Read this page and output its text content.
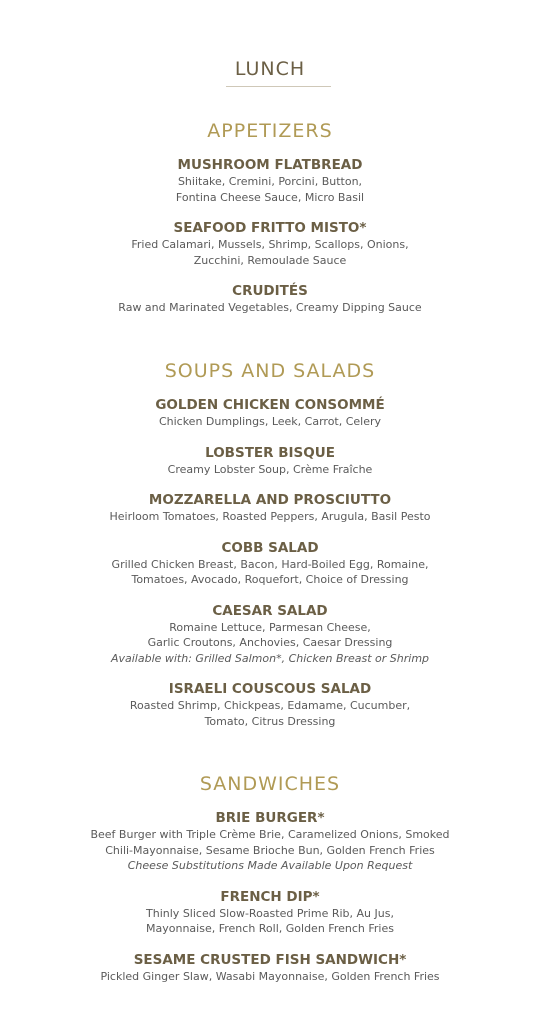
LUNCH
APPETIZERS
MUSHROOM FLATBREAD
Shiitake, Cremini, Porcini, Button,
Fontina Cheese Sauce, Micro Basil
SEAFOOD FRITTO MISTO*
Fried Calamari, Mussels, Shrimp, Scallops, Onions,
Zucchini, Remoulade Sauce
CRUDITÉS
Raw and Marinated Vegetables, Creamy Dipping Sauce
SOUPS AND SALADS
GOLDEN CHICKEN CONSOMMÉ
Chicken Dumplings, Leek, Carrot, Celery
LOBSTER BISQUE
Creamy Lobster Soup, Crème Fraîche
MOZZARELLA AND PROSCIUTTO
Heirloom Tomatoes, Roasted Peppers, Arugula, Basil Pesto
COBB SALAD
Grilled Chicken Breast, Bacon, Hard-Boiled Egg, Romaine,
Tomatoes, Avocado, Roquefort, Choice of Dressing
CAESAR SALAD
Romaine Lettuce, Parmesan Cheese,
Garlic Croutons, Anchovies, Caesar Dressing
Available with: Grilled Salmon*, Chicken Breast or Shrimp
ISRAELI COUSCOUS SALAD
Roasted Shrimp, Chickpeas, Edamame, Cucumber,
Tomato, Citrus Dressing
SANDWICHES
BRIE BURGER*
Beef Burger with Triple Crème Brie, Caramelized Onions, Smoked
Chili-Mayonnaise, Sesame Brioche Bun, Golden French Fries
Cheese Substitutions Made Available Upon Request
FRENCH DIP*
Thinly Sliced Slow-Roasted Prime Rib, Au Jus,
Mayonnaise, French Roll, Golden French Fries
SESAME CRUSTED FISH SANDWICH*
Pickled Ginger Slaw, Wasabi Mayonnaise, Golden French Fries
